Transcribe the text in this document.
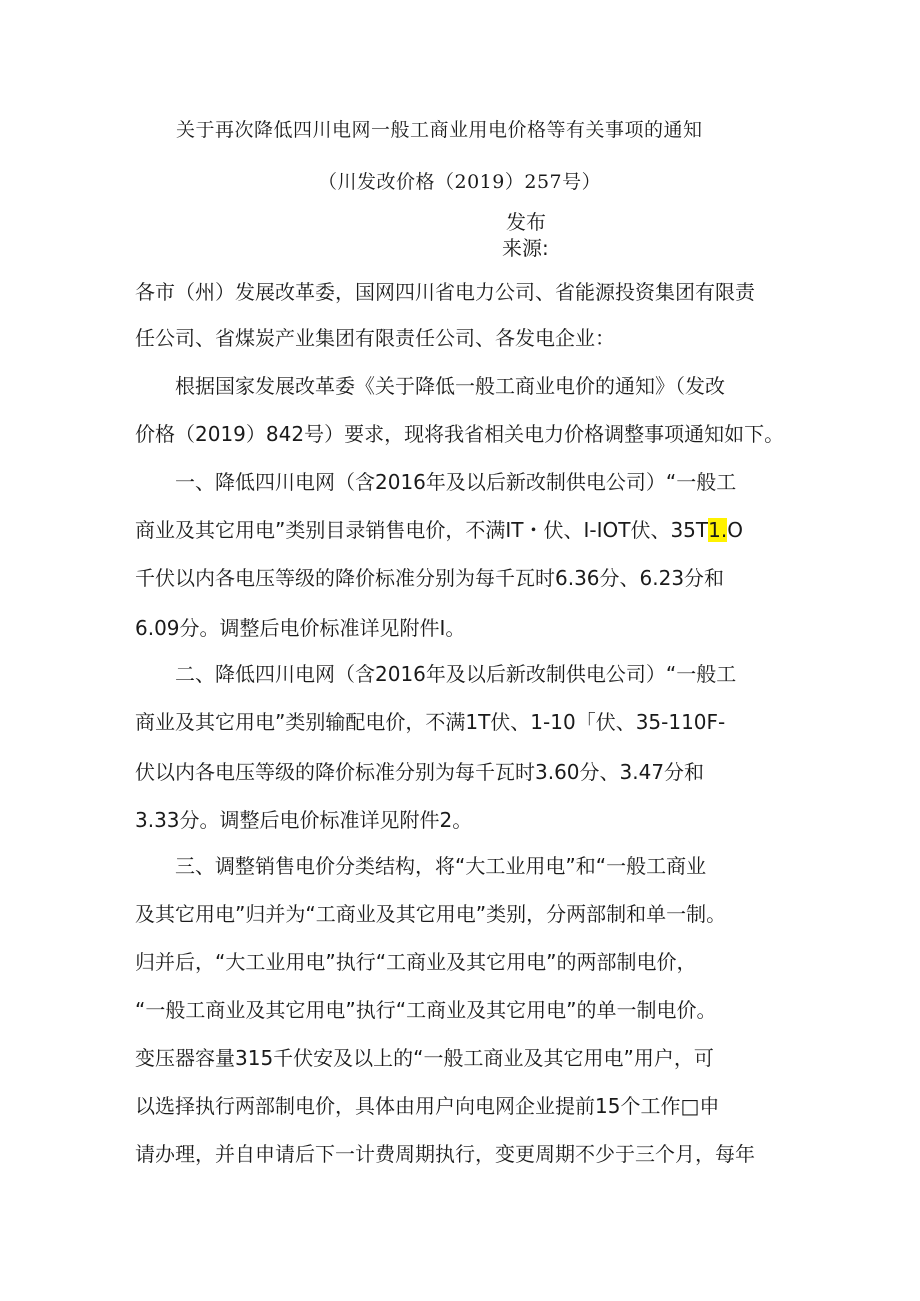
关于再次降低四川电网一般工商业用电价格等有关事项的通知
（川发改价格（2019）257号）
发布
来源:
各市（州）发展改革委，国网四川省电力公司、省能源投资集团有限责
任公司、省煤炭产业集团有限责任公司、各发电企业：
根据国家发展改革委《关于降低一般工商业电价的通知》（发改
价格（2019）842号）要求，现将我省相关电力价格调整事项通知如下。
一、降低四川电网（含2016年及以后新改制供电公司）“一般工
商业及其它用电”类别目录销售电价，不满IT・伏、I-IOT伏、35T1.O
千伏以内各电压等级的降价标准分别为每千瓦时6.36分、6.23分和
6.09分。调整后电价标准详见附件I。
二、降低四川电网（含2016年及以后新改制供电公司）“一般工
商业及其它用电”类别输配电价，不满1T伏、1-10「伏、35-110F-
伏以内各电压等级的降价标准分别为每千瓦时3.60分、3.47分和
3.33分。调整后电价标准详见附件2。
三、调整销售电价分类结构，将“大工业用电”和“一般工商业
及其它用电”归并为“工商业及其它用电”类别，分两部制和单一制。
归并后，“大工业用电”执行“工商业及其它用电”的两部制电价，
“一般工商业及其它用电”执行“工商业及其它用电”的单一制电价。
变压器容量315千伏安及以上的“一般工商业及其它用电”用户，可
以选择执行两部制电价，具体由用户向电网企业提前15个工作□申
请办理，并自申请后下一计费周期执行，变更周期不少于三个月，每年
